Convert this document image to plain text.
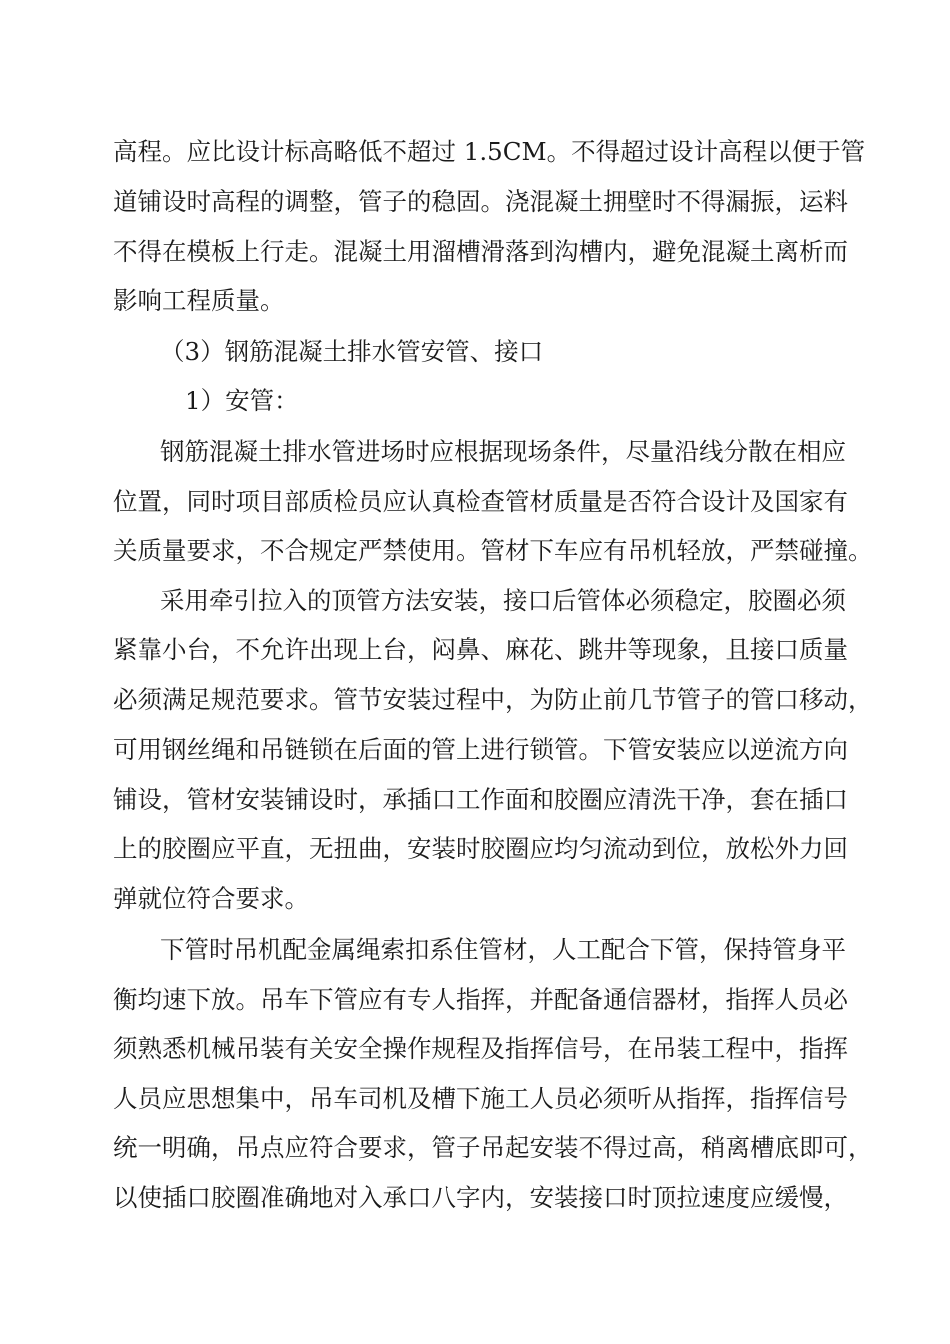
高程。应比设计标高略低不超过 1.5CM。不得超过设计高程以便于管

道铺设时高程的调整，管子的稳固。浇混凝土拥壁时不得漏振，运料

不得在模板上行走。混凝土用溜槽滑落到沟槽内，避免混凝土离析而

影响工程质量。

（3）钢筋混凝土排水管安管、接口

1）安管：

钢筋混凝土排水管进场时应根据现场条件，尽量沿线分散在相应

位置，同时项目部质检员应认真检查管材质量是否符合设计及国家有

关质量要求，不合规定严禁使用。管材下车应有吊机轻放，严禁碰撞。

采用牵引拉入的顶管方法安装，接口后管体必须稳定，胶圈必须

紧靠小台，不允许出现上台，闷鼻、麻花、跳井等现象，且接口质量

必须满足规范要求。管节安装过程中，为防止前几节管子的管口移动，

可用钢丝绳和吊链锁在后面的管上进行锁管。下管安装应以逆流方向

铺设，管材安装铺设时，承插口工作面和胶圈应清洗干净，套在插口

上的胶圈应平直，无扭曲，安装时胶圈应均匀流动到位，放松外力回

弹就位符合要求。

下管时吊机配金属绳索扣系住管材，人工配合下管，保持管身平

衡均速下放。吊车下管应有专人指挥，并配备通信器材，指挥人员必

须熟悉机械吊装有关安全操作规程及指挥信号，在吊装工程中，指挥

人员应思想集中，吊车司机及槽下施工人员必须听从指挥，指挥信号

统一明确，吊点应符合要求，管子吊起安装不得过高，稍离槽底即可，

以使插口胶圈准确地对入承口八字内，安装接口时顶拉速度应缓慢，
